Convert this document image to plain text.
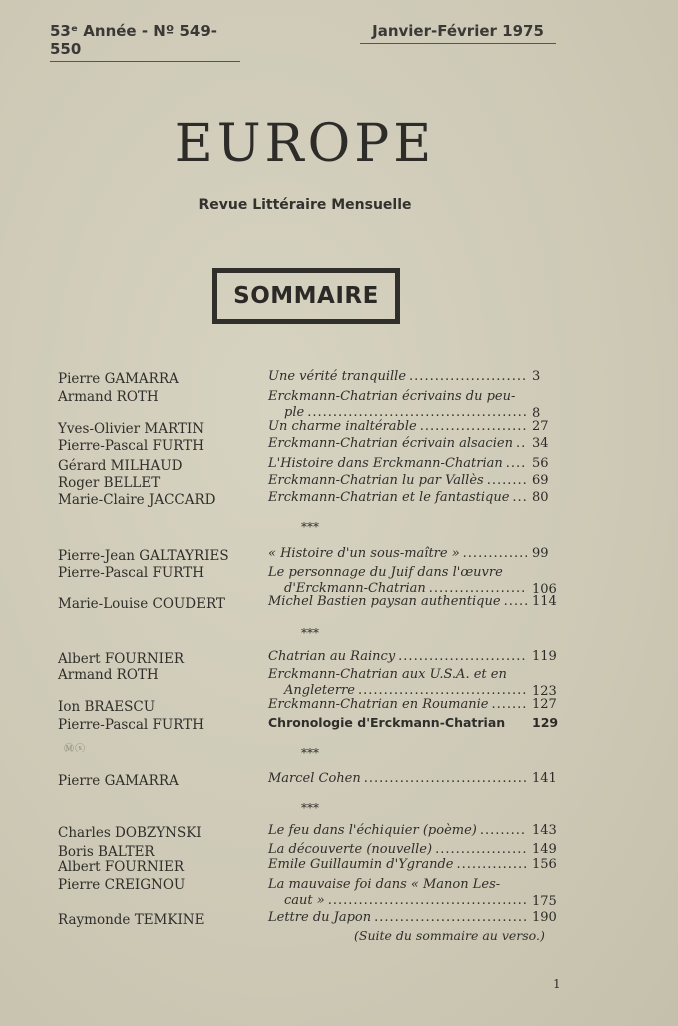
53ᵉ Année - Nº 549-550
Janvier-Février 1975
EUROPE
Revue Littéraire Mensuelle
SOMMAIRE
Pierre GAMARRA	Une vérité tranquille .....	3
Armand ROTH	Erckmann-Chatrian écrivains du peu-
ple .....	8
Yves-Olivier MARTIN	Un charme inaltérable .....	27
Pierre-Pascal FURTH	Erckmann-Chatrian écrivain alsacien ..... 34
Gérard MILHAUD	L'Histoire dans Erckmann-Chatrian ..... 56
Roger BELLET	Erckmann-Chatrian lu par Vallès .....	69
Marie-Claire JACCARD	Erckmann-Chatrian et le fantastique ..... 80
Pierre-Jean GALTAYRIES	« Histoire d'un sous-maître » .....	99
Pierre-Pascal FURTH	Le personnage du Juif dans l'œuvre
d'Erckmann-Chatrian .....	106
Marie-Louise COUDERT	Michel Bastien paysan authentique ..... 114
Albert FOURNIER	Chatrian au Raincy .....	119
Armand ROTH	Erckmann-Chatrian aux U.S.A. et en
Angleterre .....	123
Ion BRAESCU	Erckmann-Chatrian en Roumanie .....	127
Pierre-Pascal FURTH	Chronologie d'Erckmann-Chatrian 129
Pierre GAMARRA	Marcel Cohen .....	141
Charles DOBZYNSKI	Le feu dans l'échiquier (poème) .....	143
Boris BALTER	La découverte (nouvelle) .....	149
Albert FOURNIER	Emile Guillaumin d'Ygrande .....	156
Pierre CREIGNOU	La mauvaise foi dans « Manon Les-
caut » .....	175
Raymonde TEMKINE	Lettre du Japon .....	190
⁎⁎⁎
⁎⁎⁎
⁎⁎⁎
⁎⁎⁎
Ⓜ ⓢ
(Suite du sommaire au verso.)
1
